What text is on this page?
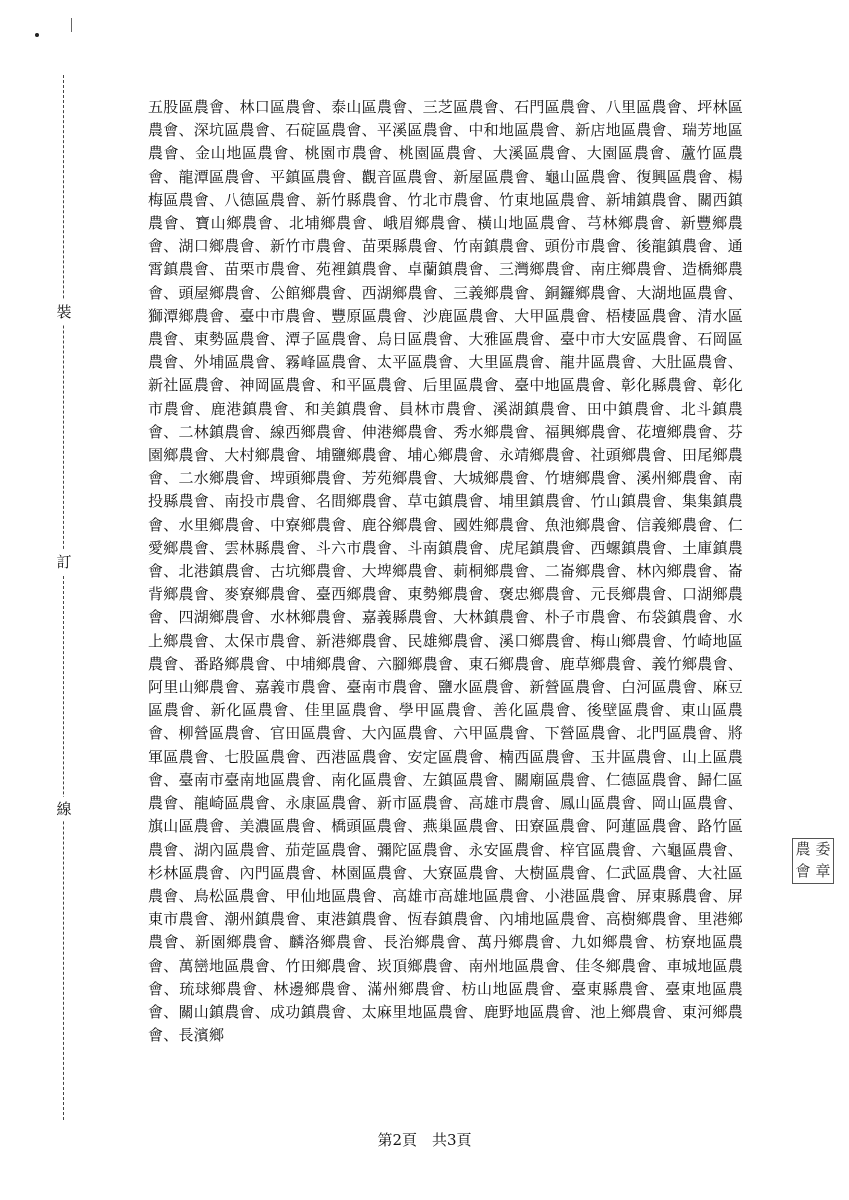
裝
訂
線

五股區農會、林口區農會、泰山區農會、三芝區農會、石門區農會、八里區農會、坪林區農會、深坑區農會、石碇區農會、平溪區農會、中和地區農會、新店地區農會、瑞芳地區農會、金山地區農會、桃園市農會、桃園區農會、大溪區農會、大園區農會、蘆竹區農會、龍潭區農會、平鎮區農會、觀音區農會、新屋區農會、龜山區農會、復興區農會、楊梅區農會、八德區農會、新竹縣農會、竹北市農會、竹東地區農會、新埔鎮農會、關西鎮農會、寶山鄉農會、北埔鄉農會、峨眉鄉農會、橫山地區農會、芎林鄉農會、新豐鄉農會、湖口鄉農會、新竹市農會、苗栗縣農會、竹南鎮農會、頭份市農會、後龍鎮農會、通霄鎮農會、苗栗市農會、苑裡鎮農會、卓蘭鎮農會、三灣鄉農會、南庄鄉農會、造橋鄉農會、頭屋鄉農會、公館鄉農會、西湖鄉農會、三義鄉農會、銅鑼鄉農會、大湖地區農會、獅潭鄉農會、臺中市農會、豐原區農會、沙鹿區農會、大甲區農會、梧棲區農會、清水區農會、東勢區農會、潭子區農會、烏日區農會、大雅區農會、臺中市大安區農會、石岡區農會、外埔區農會、霧峰區農會、太平區農會、大里區農會、龍井區農會、大肚區農會、新社區農會、神岡區農會、和平區農會、后里區農會、臺中地區農會、彰化縣農會、彰化市農會、鹿港鎮農會、和美鎮農會、員林市農會、溪湖鎮農會、田中鎮農會、北斗鎮農會、二林鎮農會、線西鄉農會、伸港鄉農會、秀水鄉農會、福興鄉農會、花壇鄉農會、芬園鄉農會、大村鄉農會、埔鹽鄉農會、埔心鄉農會、永靖鄉農會、社頭鄉農會、田尾鄉農會、二水鄉農會、埤頭鄉農會、芳苑鄉農會、大城鄉農會、竹塘鄉農會、溪州鄉農會、南投縣農會、南投市農會、名間鄉農會、草屯鎮農會、埔里鎮農會、竹山鎮農會、集集鎮農會、水里鄉農會、中寮鄉農會、鹿谷鄉農會、國姓鄉農會、魚池鄉農會、信義鄉農會、仁愛鄉農會、雲林縣農會、斗六市農會、斗南鎮農會、虎尾鎮農會、西螺鎮農會、土庫鎮農會、北港鎮農會、古坑鄉農會、大埤鄉農會、莿桐鄉農會、二崙鄉農會、林內鄉農會、崙背鄉農會、麥寮鄉農會、臺西鄉農會、東勢鄉農會、褒忠鄉農會、元長鄉農會、口湖鄉農會、四湖鄉農會、水林鄉農會、嘉義縣農會、大林鎮農會、朴子市農會、布袋鎮農會、水上鄉農會、太保市農會、新港鄉農會、民雄鄉農會、溪口鄉農會、梅山鄉農會、竹崎地區農會、番路鄉農會、中埔鄉農會、六腳鄉農會、東石鄉農會、鹿草鄉農會、義竹鄉農會、阿里山鄉農會、嘉義市農會、臺南市農會、鹽水區農會、新營區農會、白河區農會、麻豆區農會、新化區農會、佳里區農會、學甲區農會、善化區農會、後壁區農會、東山區農會、柳營區農會、官田區農會、大內區農會、六甲區農會、下營區農會、北門區農會、將軍區農會、七股區農會、西港區農會、安定區農會、楠西區農會、玉井區農會、山上區農會、臺南市臺南地區農會、南化區農會、左鎮區農會、關廟區農會、仁德區農會、歸仁區農會、龍崎區農會、永康區農會、新市區農會、高雄市農會、鳳山區農會、岡山區農會、旗山區農會、美濃區農會、橋頭區農會、燕巢區農會、田寮區農會、阿蓮區農會、路竹區農會、湖內區農會、茄萣區農會、彌陀區農會、永安區農會、梓官區農會、六龜區農會、杉林區農會、內門區農會、林園區農會、大寮區農會、大樹區農會、仁武區農會、大社區農會、鳥松區農會、甲仙地區農會、高雄市高雄地區農會、小港區農會、屏東縣農會、屏東市農會、潮州鎮農會、東港鎮農會、恆春鎮農會、內埔地區農會、高樹鄉農會、里港鄉農會、新園鄉農會、麟洛鄉農會、長治鄉農會、萬丹鄉農會、九如鄉農會、枋寮地區農會、萬巒地區農會、竹田鄉農會、崁頂鄉農會、南州地區農會、佳冬鄉農會、車城地區農會、琉球鄉農會、林邊鄉農會、滿州鄉農會、枋山地區農會、臺東縣農會、臺東地區農會、關山鎮農會、成功鎮農會、太麻里地區農會、鹿野地區農會、池上鄉農會、東河鄉農會、長濱鄉

農 委
會 章
第2頁　共3頁
